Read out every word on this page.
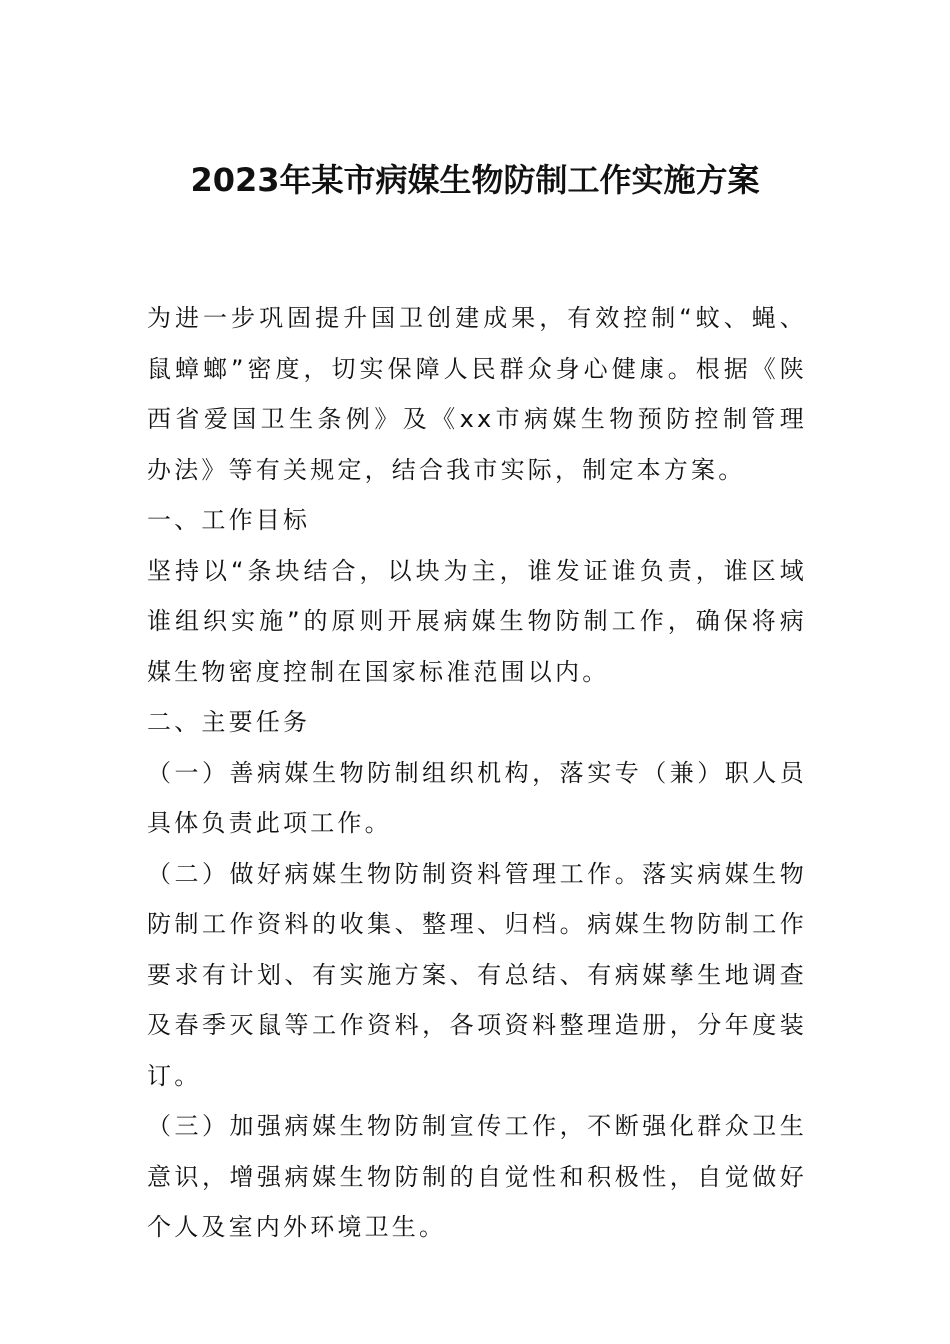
2023年某市病媒生物防制工作实施方案

为进一步巩固提升国卫创建成果，有效控制“蚊、蝇、鼠蟑螂”密度，切实保障人民群众身心健康。根据《陕西省爱国卫生条例》及《xx市病媒生物预防控制管理办法》等有关规定，结合我市实际，制定本方案。

一、工作目标

坚持以“条块结合，以块为主，谁发证谁负责，谁区域谁组织实施”的原则开展病媒生物防制工作，确保将病媒生物密度控制在国家标准范围以内。

二、主要任务

（一）善病媒生物防制组织机构，落实专（兼）职人员具体负责此项工作。

（二）做好病媒生物防制资料管理工作。落实病媒生物防制工作资料的收集、整理、归档。病媒生物防制工作要求有计划、有实施方案、有总结、有病媒孳生地调查及春季灭鼠等工作资料，各项资料整理造册，分年度装订。

（三）加强病媒生物防制宣传工作，不断强化群众卫生意识，增强病媒生物防制的自觉性和积极性，自觉做好个人及室内外环境卫生。
